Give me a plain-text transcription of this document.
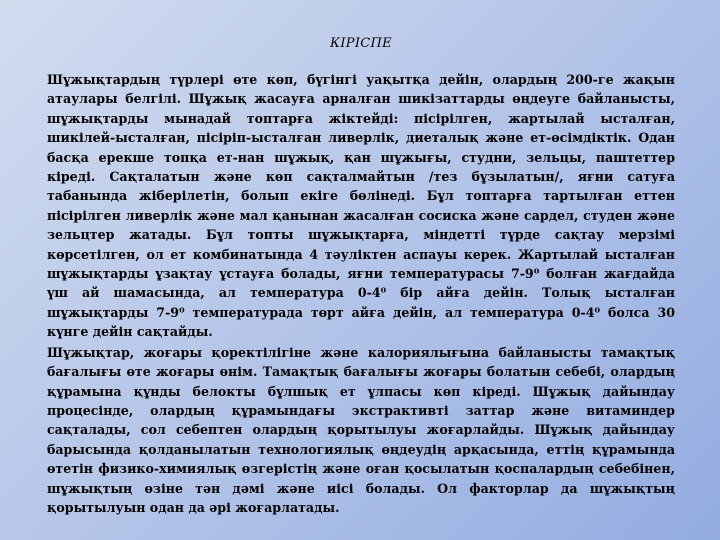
КІРІСПЕ

Шұжықтардың түрлері өте көп, бүгінгі уақытқа дейін, олардың 200-ге жақын атаулары белгілі. Шұжық жасауға арналған шикізаттарды өңдеуге байланысты, шұжықтарды мынадай топтарға жіктейді: пісірілген, жартылай ысталған, шикілей-ысталған, пісіріп-ысталған ливерлік, диеталық және ет-өсімдіктік. Одан басқа ерекше топқа ет-нан шұжық, қан шұжығы, студни, зельцы, паштеттер кіреді. Сақталатын және көп сақталмайтын /тез бұзылатын/, яғни сатуға табанында жіберілетін, болып екіге бөлінеді. Бұл топтарға тартылған еттен пісірілген ливерлік және мал қанынан жасалған сосиска және сардел, студен және зельцтер жатады. Бұл топты шұжықтарға, міндетті түрде сақтау мерзімі көрсетілген, ол ет комбинатында 4 тәуліктен аспауы керек. Жартылай ысталған шұжықтарды ұзақтау ұстауға болады, яғни температурасы 7-9⁰ болған жағдайда үш ай шамасында, ал температура 0-4⁰ бір айға дейін. Толық ысталған шұжықтарды 7-9⁰ температурада төрт айға дейін, ал температура 0-4⁰ болса 30 күнге дейін сақтайды.

Шұжықтар, жоғары қоректілігіне және калориялығына байланысты тамақтық бағалығы өте жоғары өнім. Тамақтық бағалығы жоғары болатын себебі, олардың құрамына құнды белокты бұлшық ет ұлпасы көп кіреді. Шұжық дайындау процесінде, олардың құрамындағы экстрактивті заттар және витаминдер сақталады, сол себептен олардың қорытылуы жоғарлайды. Шұжық дайындау барысында қолданылатын технологиялық өңдеудің арқасында, еттің құрамында өтетін физико-химиялық өзгерістің және оған қосылатын қоспалардың себебінен, шұжықтың өзіне тән дәмі және иісі болады. Ол факторлар да шұжықтың қорытылуын одан да әрі жоғарлатады.
